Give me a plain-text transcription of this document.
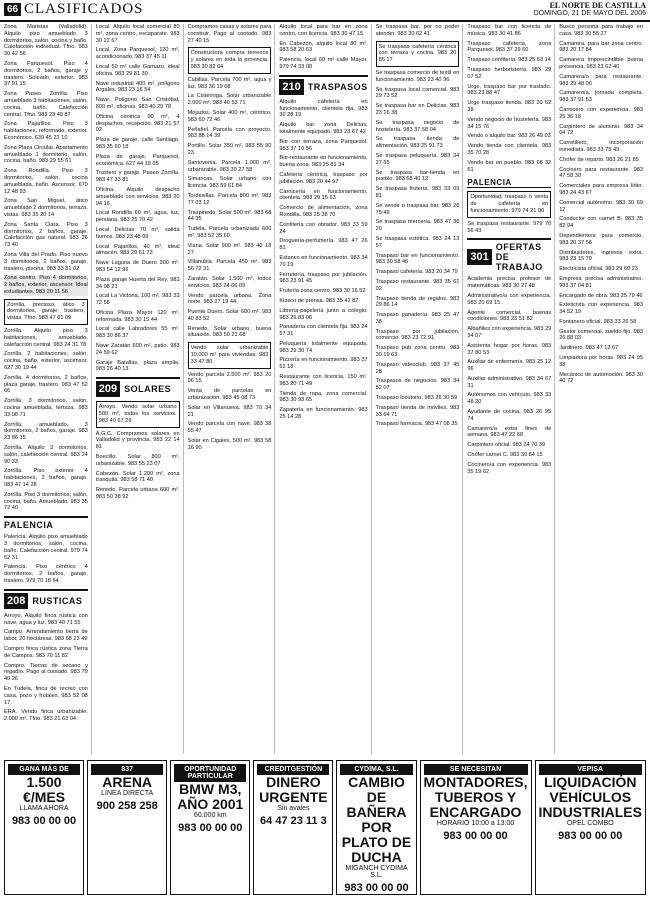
66 CLASIFICADOS	EL NORTE DE CASTILLA
DOMINGO, 21 DE MAYO DEL 2006

Zona Maristas (Valladolid). Alquilo piso amueblado 3 dormitorios, salón, cocina y baño. Calefacción individual. Tfno. 983 30 42 56

Zona Parquesol. Piso 4 dormitorios, 2 baños, garaje y trastero. Soleado, exterior. 983 37 91 15

Zona Paseo Zorrilla. Piso amueblado 3 habitaciones, salón, cocina, baño. Calefacción central. Tfno. 983 23 40 87

Zona Pajarillos. Piso 3 habitaciones, reformado, exterior. Económico. 639 45 22 10

Zona Plaza Circular. Apartamento amueblado 1 dormitorio, salón, cocina, baño. 983 29 55 61

Zona Rondilla. Piso 3 dormitorios, salón, cocina amueblada, baño. Ascensor. 670 12 48 93

Zona San Miguel, ático amueblado 2 dormitorios, terraza, vistas. 983 35 20 14

Zona Santa Clara. Piso 3 dormitorios, 2 baños, garaje. Calefacción gas natural. 983 26 73 40

Zona Villa del Prado. Piso nuevo 3 dormitorios, 2 baños, garaje, trastero, piscina. 983 33 81 02

Zona centro. Piso 4 dormitorios, 2 baños, exterior, ascensor. Ideal estudiantes. 983 20 11 56

Zorrilla, precioso, ático 3 dormitorios, garaje, trastero, vistas. Tfno. 983 47 61 09

Zorrilla. Alquilo piso 3 habitaciones, amueblado, calefacción central. 983 24 31 78

Zorrilla. 2 habitaciones, salón, cocina, baño, exterior, ascensor. 627 30 19 44

Zorrilla. 4 dormitorios, 2 baños, plaza garaje, trastero. 983 47 52 66

Zorrilla. 3 dormitorios, salón, cocina amueblada, terraza. 983 33 08 71

Zorrilla, amueblado, 3 dormitorios, 2 baños, garaje. 983 23 86 15

Zorrilla. Alquilo 3 dormitorios, salón, calefacción central. 983 24 90 33

Zorrilla. Piso exterior 4 habitaciones, 2 baños, garaje. 983 47 14 28

Zorrilla. Piso 3 dormitorios, salón, cocina, baño. Amueblado. 983 35 72 40

PALENCIA

Palencia. Alquilo piso amueblado 3 dormitorios, salón, cocina, baño. Calefacción central. 979 74 52 31

Palencia. Piso céntrico 4 dormitorios, 2 baños, garaje, trastero. 979 70 18 64

208 RUSTICAS

Arroyo. Alquilo finca rústica con nave, agua y luz. 983 40 71 55

Campo. Arrendamiento tierra de labor, 20 hectáreas. 983 68 23 49

Compro finca rústica zona Tierra de Campos. 983 70 11 82

Compro. Tierras de secano y regadío. Pago al contado. 983 79 40 26

En Tudela, finca de recreo con casa, pozo y frutales. 983 52 08 17

ERA. Vendo finca urbanizable, 2.000 m². Tfno. 983 21 63 04

Local. Alquilo local comercial 80 m², zona centro, escaparate. 983 30 22 67

Local. Zona Parquesol, 120 m², acondicionado. 983 37 45 11

Local 50 m² calle Gamazo, ideal oficina. 983 29 81 30

Nave industrial 400 m², polígono Argales. 983 23 16 54

Nave. Polígono San Cristóbal, 800 m², oficinas. 983 40 29 78

Oficina céntrica 90 m², 4 despachos, recepción. 983 21 57 92

Plaza de garaje, calle Santiago. 983 35 60 18

Plaza de garaje, Parquesol, económica. 627 44 19 05

Trastero y garaje, Paseo Zorrilla. 983 47 33 81

Oficina. Alquilo despacho amueblado con servicios. 983 20 94 16

Local Rondilla 60 m², agua, luz, persiana. 983 25 70 42

Local Delicias 70 m², salida humos. 983 23 48 09

Local Pajarillos, 40 m², ideal almacén. 983 29 61 73

Nave Laguna de Duero 300 m². 983 54 12 96

Plaza garaje Huerta del Rey. 983 34 08 21

Local La Victoria, 100 m². 983 33 72 58

Oficina Plaza Mayor 120 m², reformada. 983 30 15 44

Local calle Labradores 55 m². 983 30 86 37

Nave Zaratán 600 m², patio. 983 24 59 62

Garaje Batallas, plaza amplia. 983 26 40 13

209 SOLARES

Arroyo. Vendo solar urbano 500 m², todos los servicios. 983 40 67 29

A.G.C. Compramos solares en Valladolid y provincia. 983 22 14 81

Boecillo. Solar 800 m², urbanizable. 983 55 23 07

Cabezón. Solar 1.200 m², zona tranquila. 983 58 71 40

Renedo. Parcela urbana 600 m². 983 50 38 92

Compramos casas y solares para construir. Pago al contado. 983 27 40 15

Constructora compra terrenos y solares en toda la provincia. 983 30 82 64

Cubillas. Parcela 700 m², agua y luz. 983 36 19 08

La Cistérniga. Solar urbanizable 2.000 m². 983 40 53 71

Mojados. Solar 400 m², céntrico. 983 60 72 46

Peñafiel. Parcela con proyecto. 983 88 14 39

Portillo. Solar 350 m². 983 55 90 23

Santovenia. Parcela 1.000 m², urbanizable. 983 39 27 58

Simancas. Solar urbano con licencia. 983 59 61 84

Tordesillas. Parcela 800 m². 983 77 03 12

Traspinedo. Solar 500 m². 983 68 44 95

Tudela. Parcela urbanizada 600 m². 983 52 35 60

Viana. Solar 900 m². 983 40 18 27

Villanubla. Parcela 450 m². 983 56 72 31

Zaratán. Solar 1.500 m², todos servicios. 983 24 66 09

Vendo parcela urbana. Zona norte. 983 27 19 44

Puente Duero. Solar 600 m². 983 40 83 52

Renedo. Solar urbano, buena situación. 983 50 21 68

Vendo solar urbanizable 10.000 m² para viviendas. 983 33 47 80

Vendo parcela 2.500 m². 983 20 96 15

Venta de parcelas en urbanización. 983 45 08 73

Solar en Villanueva. 983 70 34 21

Vendo parcela con nave. 983 38 55 47

Solar en Cigales, 500 m². 983 58 16 90

Alquilo local para bar en zona centro, con licencia. 983 30 47 15

En Cabezón, alquilo local 80 m². 983 58 20 63

Palencia, local 60 m² calle Mayor. 979 74 33 08

210 TRASPASOS

Alquilo cafetería en funcionamiento, clientela fija. 983 30 28 19

Alquilo bar zona Delicias, totalmente equipado. 983 23 67 42

Bar con terraza, zona Parquesol. 983 37 10 56

Bar-restaurante en funcionamiento, buena zona. 983 25 81 34

Cafetería céntrica, traspaso por jubilación. 983 20 44 97

Carnicería en funcionamiento, clientela. 983 29 15 63

Comercio de alimentación, zona Rondilla. 983 25 38 70

Confitería con obrador. 983 33 59 24

Droguería-perfumería. 983 47 26 81

Estanco en funcionamiento. 983 34 70 19

Ferretería, traspaso por jubilación. 983 23 91 45

Frutería zona centro. 983 30 16 52

Kiosco de prensa. 983 35 42 87

Librería-papelería junto a colegio. 983 26 83 06

Panadería con clientela fija. 983 24 57 31

Peluquería totalmente equipada. 983 29 30 74

Pizzería en funcionamiento. 983 37 62 18

Restaurante con licencia, 150 m². 983 20 71 49

Tienda de ropa, zona comercial. 983 30 93 65

Zapatería en funcionamiento. 983 25 14 28

Se traspasa bar, por no poder atender. 983 30 62 41

Se traspasa cafetería céntrica con terraza y cocina. 983 20 85 17

Se traspasa comercio de textil en funcionamiento. 983 23 40 96

Se traspasa local comercial. 983 29 73 52

Se traspasa bar en Delicias. 983 23 16 38

Se traspasa negocio de hostelería. 983 37 58 04

Se traspasa tienda de alimentación. 983 25 91 73

Se traspasa peluquería. 983 34 27 65

Se traspasa bar-tienda en pueblo. 983 68 40 12

Se traspasa frutería. 983 33 09 81

Se vende o traspasa bar. 983 26 75 49

Se traspasa mercería. 983 47 36 20

Se traspasa estética. 983 24 13 57

Traspaso bar en funcionamiento. 983 30 58 46

Traspaso cafetería. 983 20 34 79

Traspaso restaurante. 983 35 61 02

Traspaso tienda de regalos. 983 29 86 14

Traspaso panadería. 983 25 47 38

Traspaso por jubilación, comercio. 983 23 72 91

Traspaso pub zona centro. 983 30 19 63

Traspaso videoclub. 983 37 45 28

Traspasos de negocios. 983 34 82 07

Traspaso locutorio. 983 26 30 59

Traspaso tienda de móviles. 983 33 64 71

Traspaso farmacia. 983 47 08 35

Traspaso bar con licencia de música. 983 30 41 86

Traspaso cafetería, zona Parquesol. 983 37 29 60

Traspaso confitería. 983 25 63 14

Traspaso herboristería. 983 29 07 52

Urge, traspaso bar por traslado. 983 23 88 47

Urge traspaso tienda. 983 20 52 39

Vendo negocio de hostelería. 983 34 15 76

Vendo o alquilo bar. 983 26 49 03

Vendo tienda con clientela. 983 35 70 28

Vendo bar en pueblo. 983 68 32 61

PALENCIA

Oportunidad, traspaso o venta de cafetería en funcionamiento. 979 74 21 90

Se traspasa restaurante. 979 70 56 43

301
OFERTAS DE TRABAJO

Academia precisa profesor de matemáticas. 983 30 27 48

Administrativo/a con experiencia. 983 20 69 15

Agente comercial, buenas condiciones. 983 23 51 82

Albañiles con experiencia. 983 29 34 07

Asistenta hogar por horas. 983 37 80 53

Auxiliar de enfermería. 983 25 12 96

Auxiliar administrativo. 983 34 67 31

Autónomos con vehículo. 983 33 48 20

Ayudante de cocina. 983 26 95 74

Camarero/a extra fines de semana. 983 47 22 68

Carpintero oficial. 983 24 70 39

Chófer carnet C. 983 30 84 15

Cocinero/a con experiencia. 983 35 19 62

Busco persona para trabajo en casa. 983 30 55 27

Camarera, para bar zona centro. 983 20 17 84

Camarera imprescindible buena presencia. 983 23 62 40

Camarera/o para restaurante. 983 29 48 06

Camarero/a, jornada completa. 983 37 91 53

Carnicero con experiencia. 983 25 36 18

Carpintero de aluminio. 983 34 04 72

Carretillero, incorporación inmediata. 983 33 75 49

Chófer de reparto. 983 26 21 85

Cocinero para restaurante. 983 47 58 30

Comerciales para empresa líder. 983 24 43 67

Comercial autónomo. 983 30 69 12

Conductor con carnet B. 983 35 82 94

Dependiente/a para comercio. 983 20 37 56

Distribuidores, ingresos extra. 983 23 15 70

Electricista oficial. 983 29 60 23

Empresa precisa administrativo. 983 37 04 81

Encargado de obra. 983 25 79 46

Esteticista con experiencia. 983 34 52 19

Fontanero oficial. 983 33 26 58

Gestor comercial, sueldo fijo. 983 26 88 03

Jardinero. 983 47 13 67

Limpiadora por horas. 983 24 95 38

Mecánico de automoción. 983 30 40 72

GANA MÁS DE
1.500 €/MES
LLAMA AHORA
983 00 00 00
837
ARENA
LÍNEA DIRECTA
900 258 258
OPORTUNIDAD PARTICULAR
BMW M3, AÑO 2001
60.000 km
983 00 00 00
CREDITGESTIÓN
DINERO URGENTE
Sin avales
64 47 23 11 3
CYDIMA, S.L.
CAMBIO DE BAÑERA POR PLATO DE DUCHA
MIGANCH CYDIMA S.L.
983 00 00 00
SE NECESITAN
MONTADORES, TUBEROS Y ENCARGADO
HORARIO 10:00 a 13:00
983 00 00 00
VEPISA
LIQUIDACIÓN VEHÍCULOS INDUSTRIALES
OPEL COMBO
983 00 00 00
